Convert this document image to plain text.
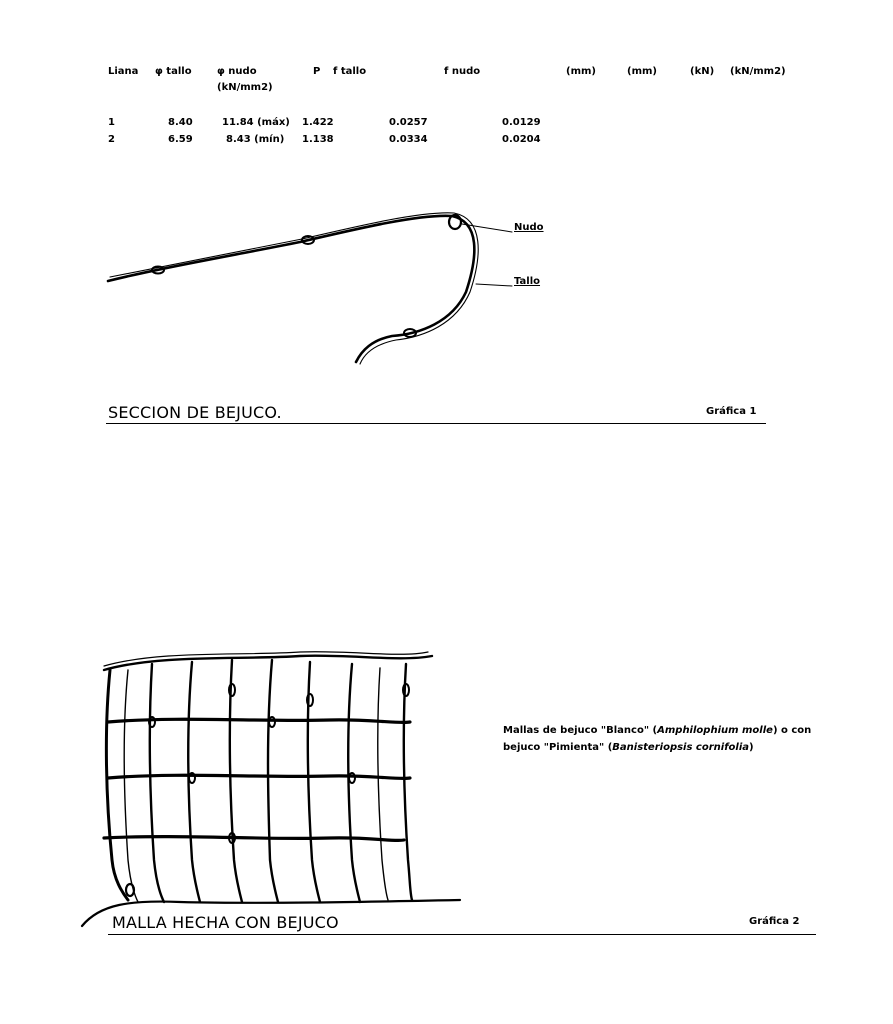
Liana φ tallo	φ nudo
(kN/mm2)
P f tallo	f nudo	(mm)	(mm)	(kN) (kN/mm2)
1	8.40	11.84 (máx) 1.422	0.0257	0.0129
2	6.59	8.43 (mín) 1.138	0.0334	0.0204
Nudo
Tallo
SECCION DE BEJUCO.	Gráfica 1
Mallas de bejuco "Blanco" (Amphilophium molle) o con bejuco "Pimienta" (Banisteriopsis cornifolia)
MALLA HECHA CON BEJUCO	Gráfica 2
